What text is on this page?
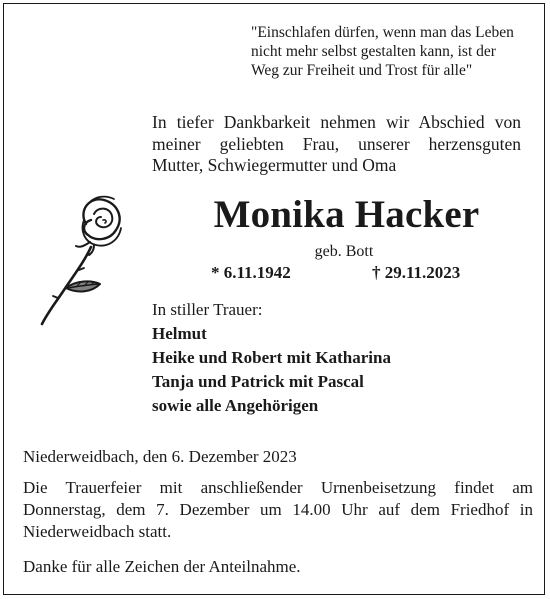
"Einschlafen dürfen, wenn man das Leben
nicht mehr selbst gestalten kann, ist der
Weg zur Freiheit und Trost für alle"
In tiefer Dankbarkeit nehmen wir Abschied von
meiner geliebten Frau, unserer herzensguten
Mutter, Schwiegermutter und Oma
Monika Hacker
geb. Bott
* 6.11.1942	† 29.11.2023
In stiller Trauer:
Helmut
Heike und Robert mit Katharina
Tanja und Patrick mit Pascal
sowie alle Angehörigen
Niederweidbach, den 6. Dezember 2023
Die Trauerfeier mit anschließender Urnenbeisetzung findet am
Donnerstag, dem 7. Dezember um 14.00 Uhr auf dem Friedhof in
Niederweidbach statt.
Danke für alle Zeichen der Anteilnahme.
